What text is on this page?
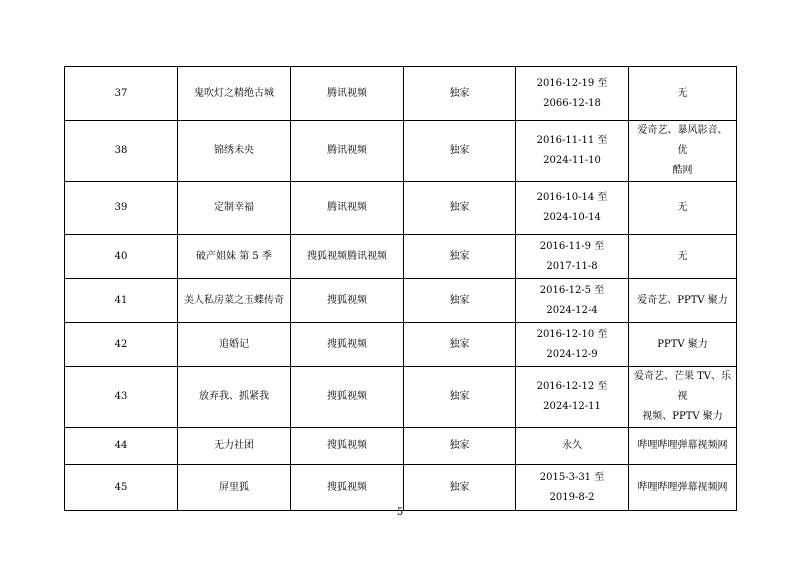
37	鬼吹灯之精绝古城	腾讯视频	独家	2016-12-19 至
2066-12-18	无

38	锦绣未央	腾讯视频	独家	2016-11-11 至
2024-11-10	爱奇艺、暴风影音、优
酷网

39	定制幸福	腾讯视频	独家	2016-10-14 至
2024-10-14	无

40	破产姐妹 第 5 季	搜狐视频腾讯视频	独家	2016-11-9 至
2017-11-8	无

41	美人私房菜之玉蝶传奇	搜狐视频	独家	2016-12-5 至
2024-12-4	爱奇艺、PPTV 聚力

42	追婚记	搜狐视频	独家	2016-12-10 至
2024-12-9	PPTV 聚力

43	放弃我、抓紧我	搜狐视频	独家	2016-12-12 至
2024-12-11	爱奇艺、芒果 TV、乐视
视频、PPTV 聚力

44	无力社团	搜狐视频	独家	永久	哔哩哔哩弹幕视频网

45	屏里狐	搜狐视频	独家	2015-3-31 至
2019-8-2	哔哩哔哩弹幕视频网
5
